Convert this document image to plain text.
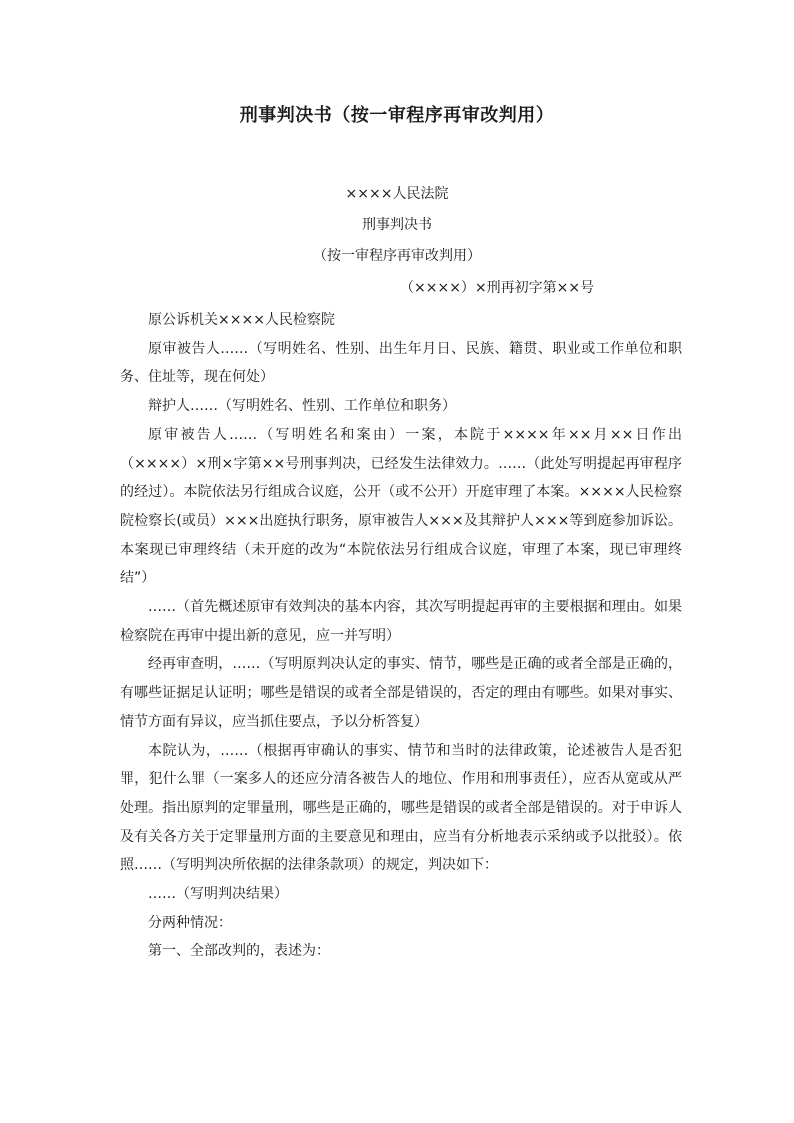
刑事判决书（按一审程序再审改判用）
××××人民法院
刑事判决书
（按一审程序再审改判用）
（××××）×刑再初字第××号

原公诉机关××××人民检察院

原审被告人……（写明姓名、性别、出生年月日、民族、籍贯、职业或工作单位和职务、住址等，现在何处）

辩护人……（写明姓名、性别、工作单位和职务）

原审被告人……（写明姓名和案由）一案，本院于××××年××月××日作出（××××）×刑×字第××号刑事判决，已经发生法律效力。……（此处写明提起再审程序的经过）。本院依法另行组成合议庭，公开（或不公开）开庭审理了本案。××××人民检察院检察长(或员）×××出庭执行职务，原审被告人×××及其辩护人×××等到庭参加诉讼。本案现已审理终结（未开庭的改为“本院依法另行组成合议庭，审理了本案，现已审理终结”）

……（首先概述原审有效判决的基本内容，其次写明提起再审的主要根据和理由。如果检察院在再审中提出新的意见，应一并写明）

经再审查明，……（写明原判决认定的事实、情节，哪些是正确的或者全部是正确的，有哪些证据足认证明；哪些是错误的或者全部是错误的，否定的理由有哪些。如果对事实、情节方面有异议，应当抓住要点，予以分析答复）

本院认为，……（根据再审确认的事实、情节和当时的法律政策，论述被告人是否犯罪，犯什么罪（一案多人的还应分清各被告人的地位、作用和刑事责任），应否从宽或从严处理。指出原判的定罪量刑，哪些是正确的，哪些是错误的或者全部是错误的。对于申诉人及有关各方关于定罪量刑方面的主要意见和理由，应当有分析地表示采纳或予以批驳）。依照……（写明判决所依据的法律条款项）的规定，判决如下：

……（写明判决结果）

分两种情况：

第一、全部改判的，表述为：
